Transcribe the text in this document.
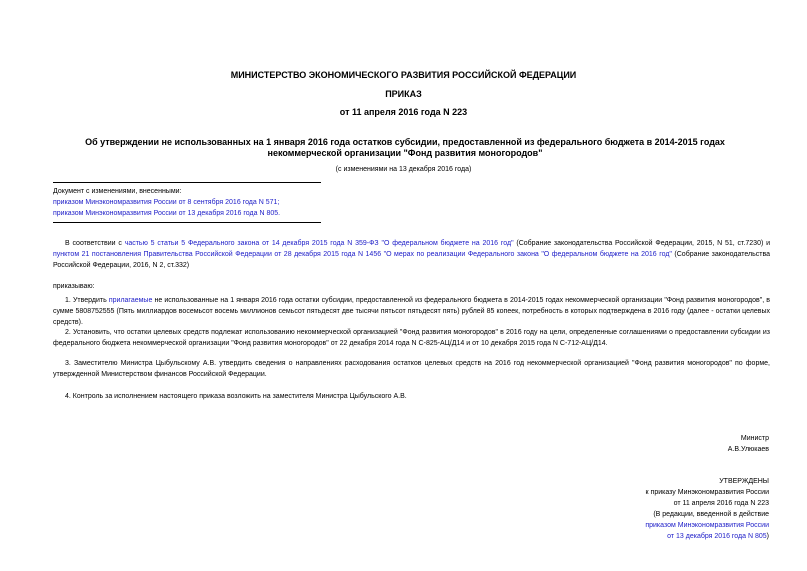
МИНИСТЕРСТВО ЭКОНОМИЧЕСКОГО РАЗВИТИЯ РОССИЙСКОЙ ФЕДЕРАЦИИ
ПРИКАЗ
от 11 апреля 2016 года N 223
Об утверждении не использованных на 1 января 2016 года остатков субсидии, предоставленной из федерального бюджета в 2014-2015 годах некоммерческой организации "Фонд развития моногородов"
(с изменениями на 13 декабря 2016 года)
Документ с изменениями, внесенными:
приказом Минэкономразвития России от 8 сентября 2016 года N 571;
приказом Минэкономразвития России от 13 декабря 2016 года N 805.
В соответствии с частью 5 статьи 5 Федерального закона от 14 декабря 2015 года N 359-ФЗ "О федеральном бюджете на 2016 год" (Собрание законодательства Российской Федерации, 2015, N 51, ст.7230) и пунктом 21 постановления Правительства Российской Федерации от 28 декабря 2015 года N 1456 "О мерах по реализации Федерального закона "О федеральном бюджете на 2016 год" (Собрание законодательства Российской Федерации, 2016, N 2, ст.332)
приказываю:
1. Утвердить прилагаемые не использованные на 1 января 2016 года остатки субсидии, предоставленной из федерального бюджета в 2014-2015 годах некоммерческой организации "Фонд развития моногородов", в сумме 5808752555 (Пять миллиардов восемьсот восемь миллионов семьсот пятьдесят две тысячи пятьсот пятьдесят пять) рублей 85 копеек, потребность в которых подтверждена в 2016 году (далее - остатки целевых средств).
2. Установить, что остатки целевых средств подлежат использованию некоммерческой организацией "Фонд развития моногородов" в 2016 году на цели, определенные соглашениями о предоставлении субсидии из федерального бюджета некоммерческой организации "Фонд развития моногородов" от 22 декабря 2014 года N С-825-АЦ/Д14 и от 10 декабря 2015 года N С-712-АЦ/Д14.
3. Заместителю Министра Цыбульскому А.В. утвердить сведения о направлениях расходования остатков целевых средств на 2016 год некоммерческой организацией "Фонд развития моногородов" по форме, утвержденной Министерством финансов Российской Федерации.
4. Контроль за исполнением настоящего приказа возложить на заместителя Министра Цыбульского А.В.
Министр
А.В.Улюкаев
УТВЕРЖДЕНЫ
к приказу Минэкономразвития России
от 11 апреля 2016 года N 223
(В редакции, введенной в действие
приказом Минэкономразвития России
от 13 декабря 2016 года N 805)
